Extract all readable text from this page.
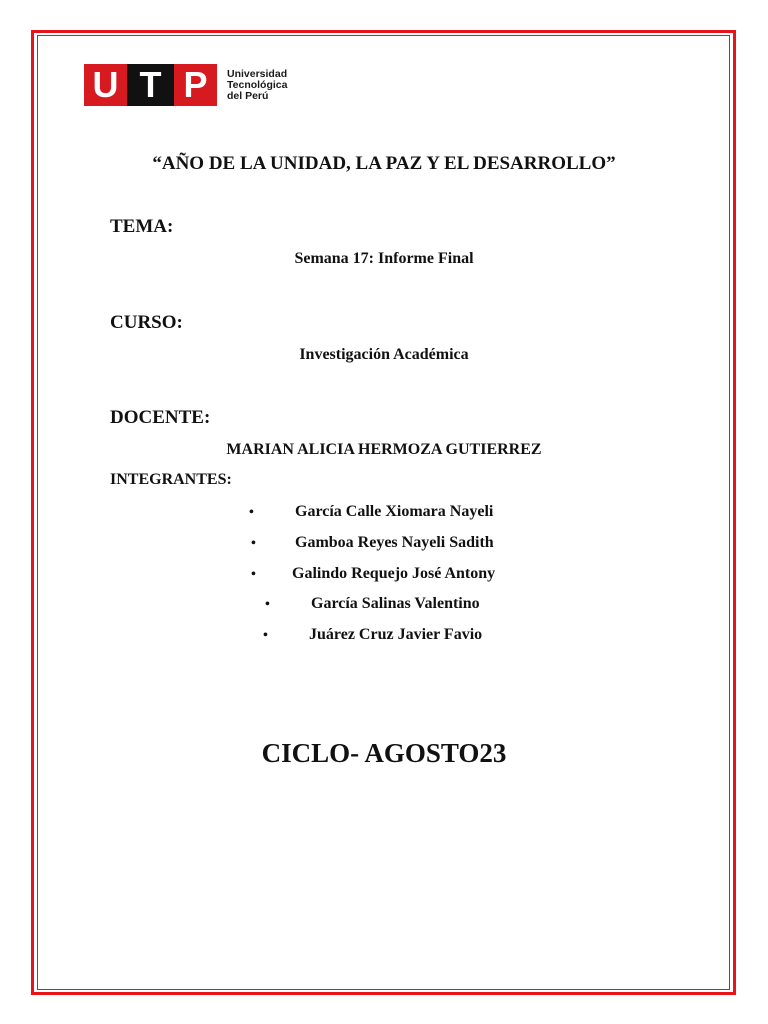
U T P	Universidad
Tecnológica
del Perú
“AÑO DE LA UNIDAD, LA PAZ Y EL DESARROLLO”
TEMA:
Semana 17: Informe Final
CURSO:
Investigación Académica
DOCENTE:
MARIAN ALICIA HERMOZA GUTIERREZ
INTEGRANTES:
•	García Calle Xiomara Nayeli
• Gamboa Reyes Nayeli Sadith
• Galindo Requejo José Antony
•	García Salinas Valentino
•	Juárez Cruz Javier Favio
CICLO- AGOSTO23
